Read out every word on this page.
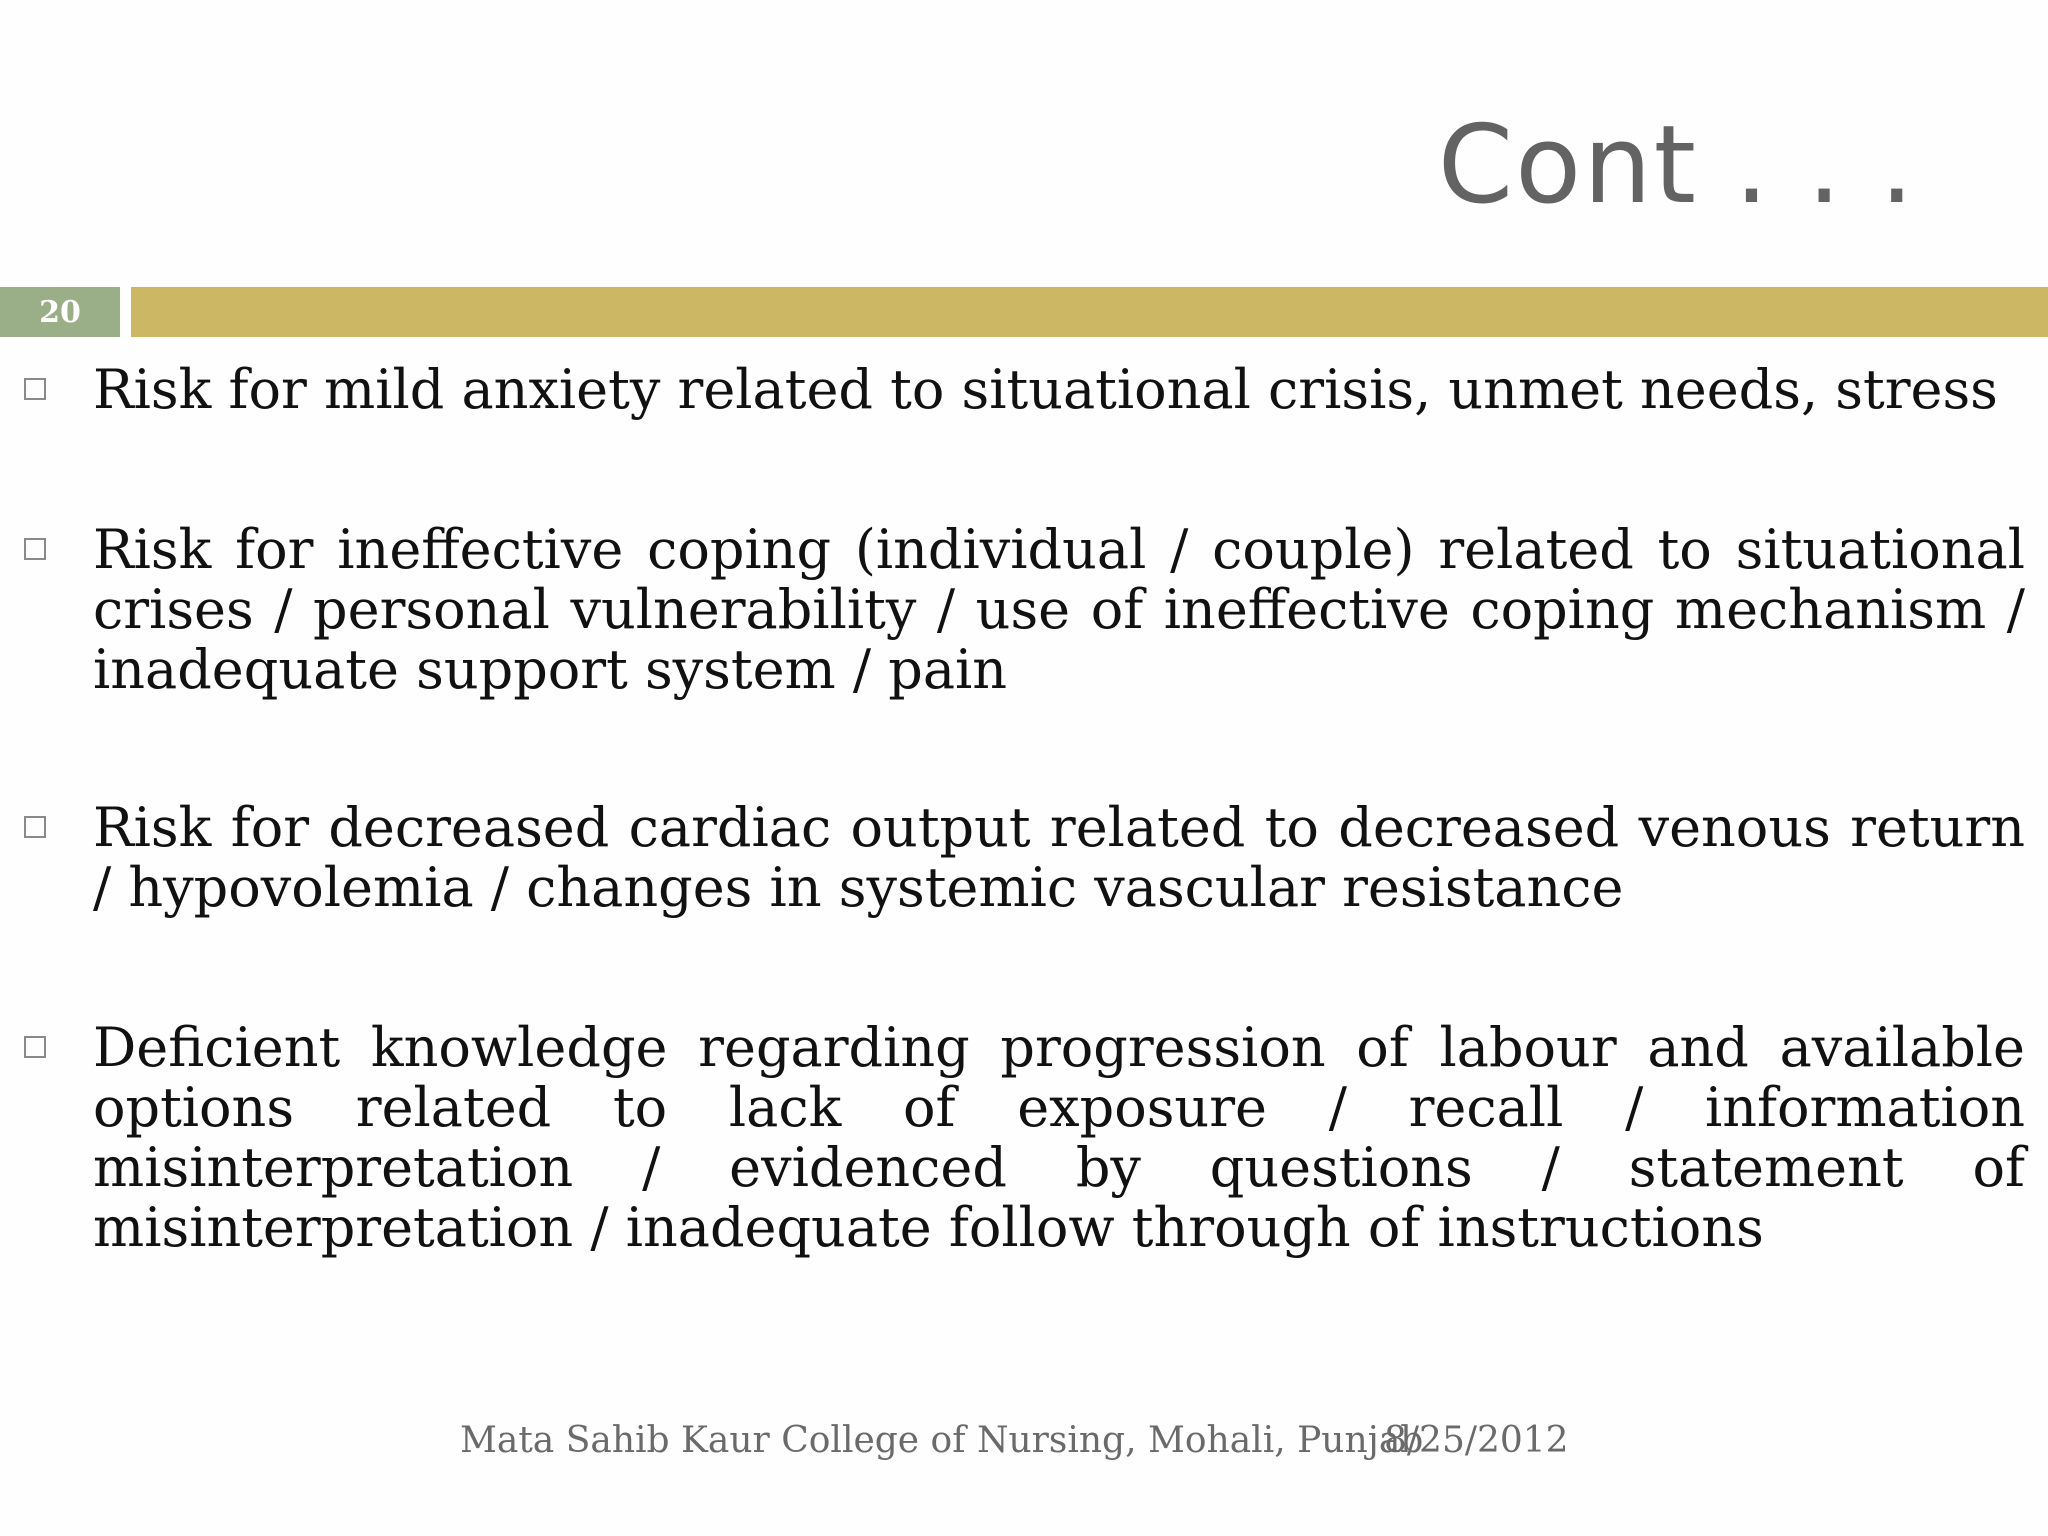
Cont . . .
20

Risk for mild anxiety related to situational crisis, unmet needs, stress

Risk for ineffective coping (individual / couple) related to situational crises / personal vulnerability / use of ineffective coping mechanism / inadequate support system / pain

Risk for decreased cardiac output related to decreased venous return / hypovolemia / changes in systemic vascular resistance

Deficient knowledge regarding progression of labour and available options related to lack of exposure / recall / information misinterpretation / evidenced by questions / statement of misinterpretation / inadequate follow through of instructions

Mata Sahib Kaur College of Nursing, Mohali, Punjab
8/25/2012
